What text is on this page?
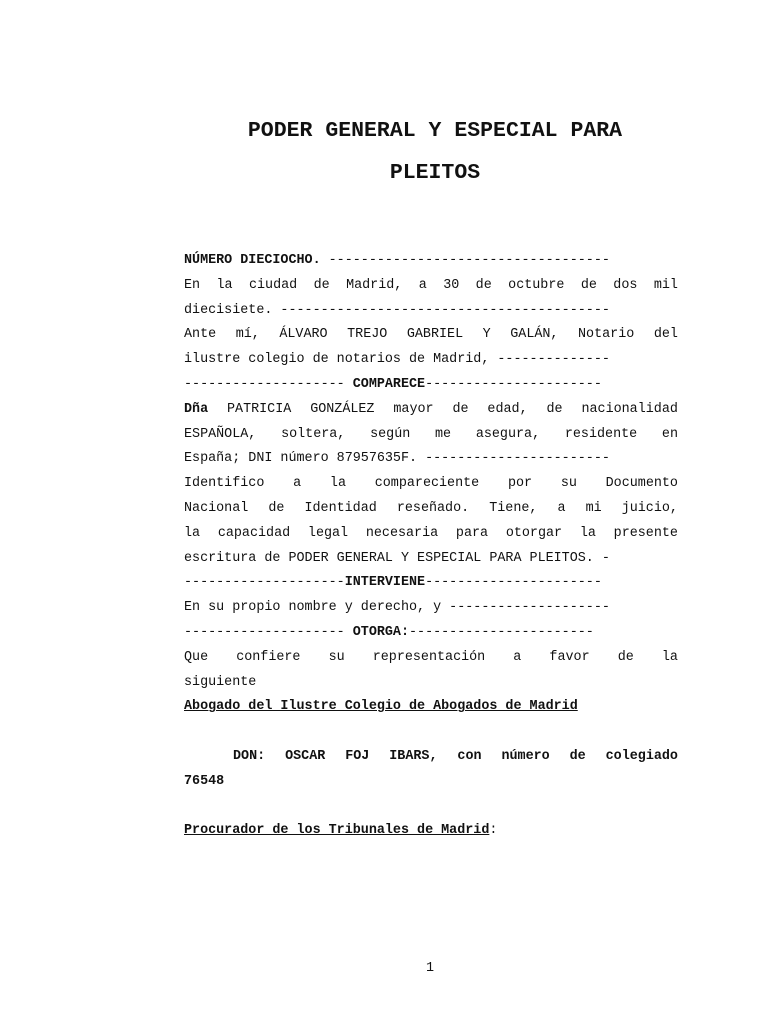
PODER GENERAL Y ESPECIAL PARA
PLEITOS
NÚMERO DIECIOCHO. -----------------------------------
En la ciudad de Madrid, a 30 de octubre de dos mil
diecisiete. -----------------------------------------
Ante mí, ÁLVARO TREJO GABRIEL Y GALÁN, Notario del
ilustre colegio de notarios de Madrid, --------------
-------------------- COMPARECE----------------------
Dña PATRICIA GONZÁLEZ mayor de edad, de nacionalidad
ESPAÑOLA, soltera, según me asegura, residente en
España; DNI número 87957635F. -----------------------
Identifico a la compareciente por su Documento
Nacional de Identidad reseñado. Tiene, a mi juicio,
la capacidad legal necesaria para otorgar la presente
escritura de PODER GENERAL Y ESPECIAL PARA PLEITOS. -
--------------------INTERVIENE----------------------
En su propio nombre y derecho, y --------------------
-------------------- OTORGA:-----------------------
Que confiere su representación a favor de la
siguiente
Abogado del Ilustre Colegio de Abogados de Madrid
DON: OSCAR FOJ IBARS, con número de colegiado
76548
Procurador de los Tribunales de Madrid:
1
